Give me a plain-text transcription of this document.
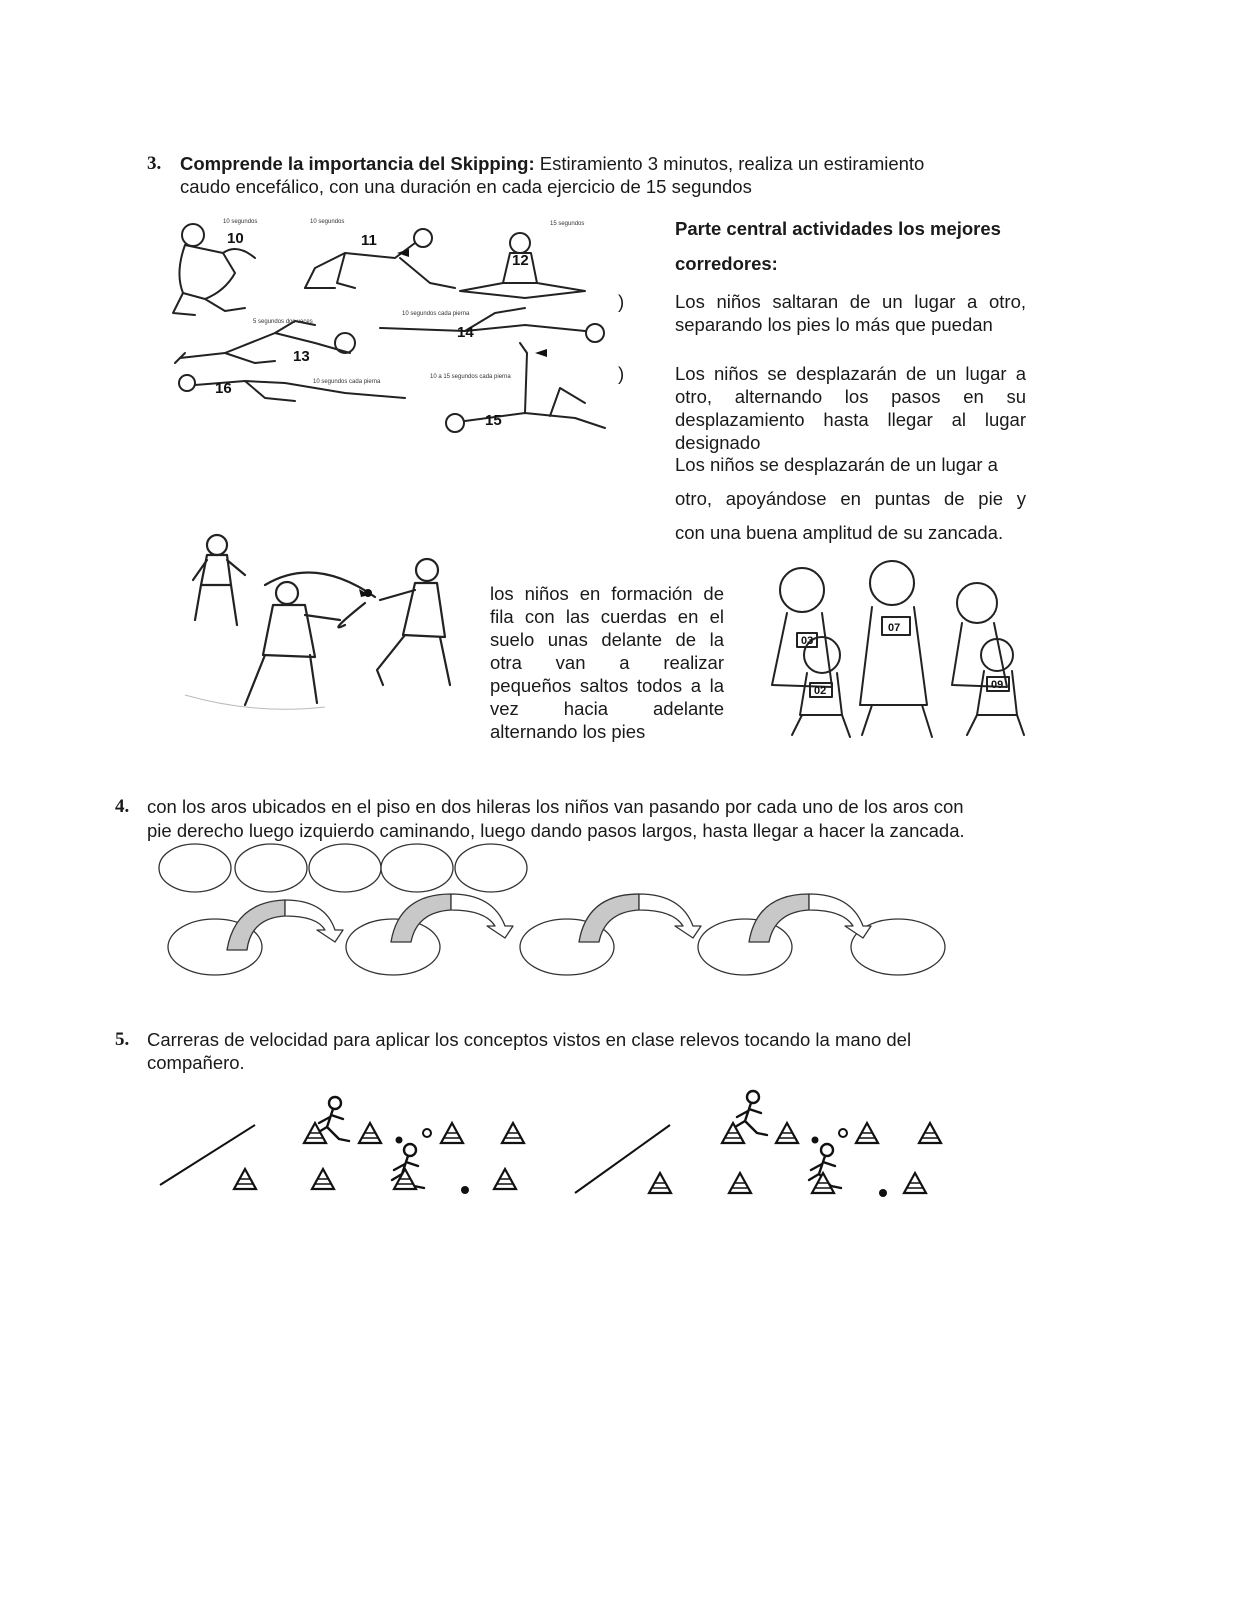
3. Comprende la importancia del Skipping: Estiramiento 3 minutos, realiza un estiramiento
caudo encefálico, con una duración en cada ejercicio de 15 segundos
10	11
12
13
14
15
16
10 segundos	10 segundos	15 segundos
5 segundos dos veces
10 segundos cada pierna
10 segundos cada pierna
10 a 15 segundos cada pierna
Parte central actividades los mejores
corredores:
)	Los niños saltaran de un lugar a otro, separando los pies lo más que puedan
)	Los niños se desplazarán de un lugar a otro, alternando los pasos en su desplazamiento hasta llegar al lugar designado
Los niños se desplazarán de un lugar a
otro, apoyándose en puntas de pie y
con una buena amplitud de su zancada.
los niños en formación de fila con las cuerdas en el suelo unas delante de la otra van a realizar pequeños saltos todos a la vez hacia adelante alternando los pies
07
03
02	09
4. con los aros ubicados en el piso en dos hileras los niños van pasando por cada uno de los aros con
pie derecho luego izquierdo caminando, luego dando pasos largos, hasta llegar a hacer la zancada.
5. Carreras de velocidad para aplicar los conceptos vistos en clase relevos tocando la mano del
compañero.
